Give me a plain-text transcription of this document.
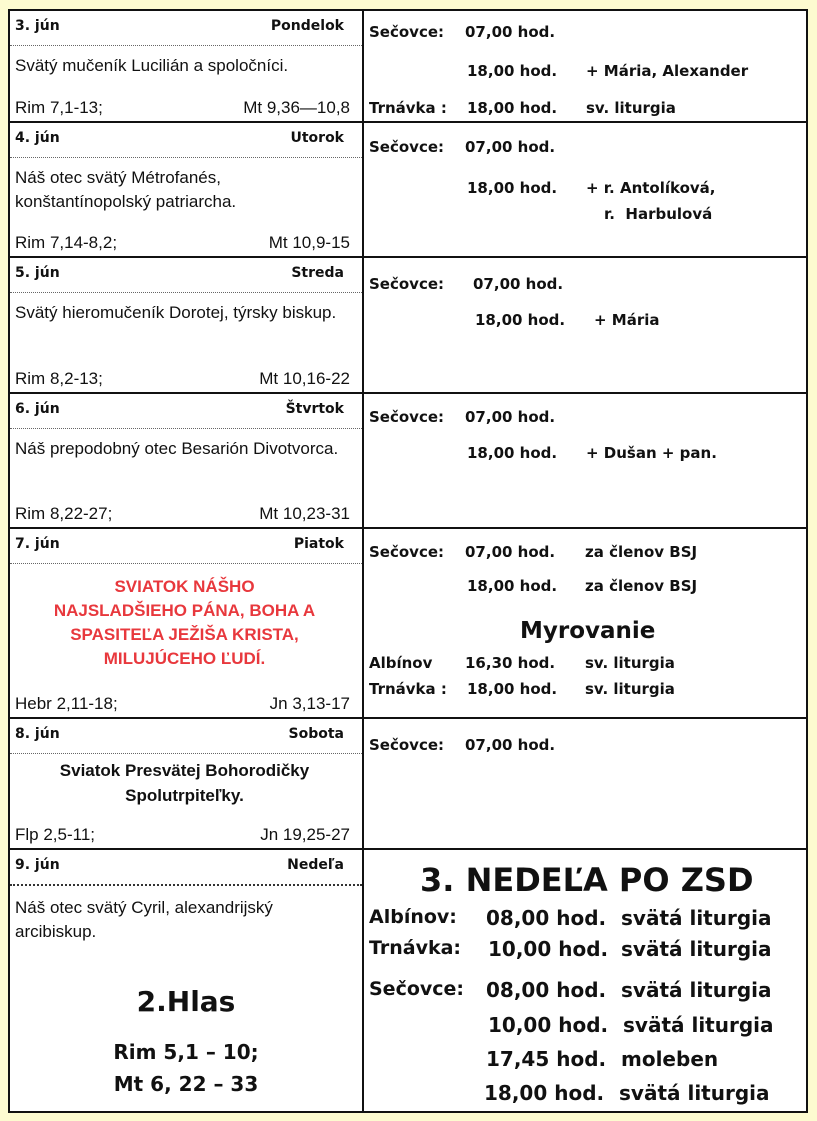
3. jún	Pondelok
Svätý mučeník Lucilián a spoločníci.
Rim 7,1-13;	Mt 9,36—10,8
Sečovce: 07,00 hod.
18,00 hod. + Mária, Alexander
Trnávka : 18,00 hod. sv. liturgia
4. jún	Utorok
Náš otec svätý Métrofanés, konštantínopolský patriarcha.
Rim 7,14-8,2;	Mt 10,9-15
Sečovce: 07,00 hod.
18,00 hod. + r. Antolíková,
r.  Harbulová
5. jún	Streda
Svätý hieromučeník Dorotej, týrsky biskup.
Rim 8,2-13;	Mt 10,16-22
Sečovce: 07,00 hod.
18,00 hod. + Mária
6. jún	Štvrtok
Náš prepodobný otec Besarión Divotvorca.
Rim 8,22-27;	Mt 10,23-31
Sečovce: 07,00 hod.
18,00 hod. + Dušan + pan.
7. jún	Piatok
SVIATOK NÁŠHO
NAJSLADŠIEHO PÁNA, BOHA A
SPASITEĽA JEŽIŠA KRISTA,
MILUJÚCEHO ĽUDÍ.
Hebr 2,11-18;	Jn 3,13-17
Sečovce: 07,00 hod. za členov BSJ
18,00 hod. za členov BSJ
Myrovanie
Albínov 16,30 hod. sv. liturgia
Trnávka : 18,00 hod. sv. liturgia
8. jún	Sobota
Sviatok Presvätej Bohorodičky
Spolutrpiteľky.
Flp 2,5-11;	Jn 19,25-27
Sečovce: 07,00 hod.
9. jún	Nedeľa
Náš otec svätý Cyril, alexandrijský arcibiskup.
2.Hlas
Rim 5,1 – 10;
Mt 6, 22 – 33
3. NEDEĽA PO ZSD
Albínov: 08,00 hod. svätá liturgia
Trnávka: 10,00 hod. svätá liturgia
Sečovce: 08,00 hod. svätá liturgia
10,00 hod. svätá liturgia
17,45 hod. moleben
18,00 hod. svätá liturgia
